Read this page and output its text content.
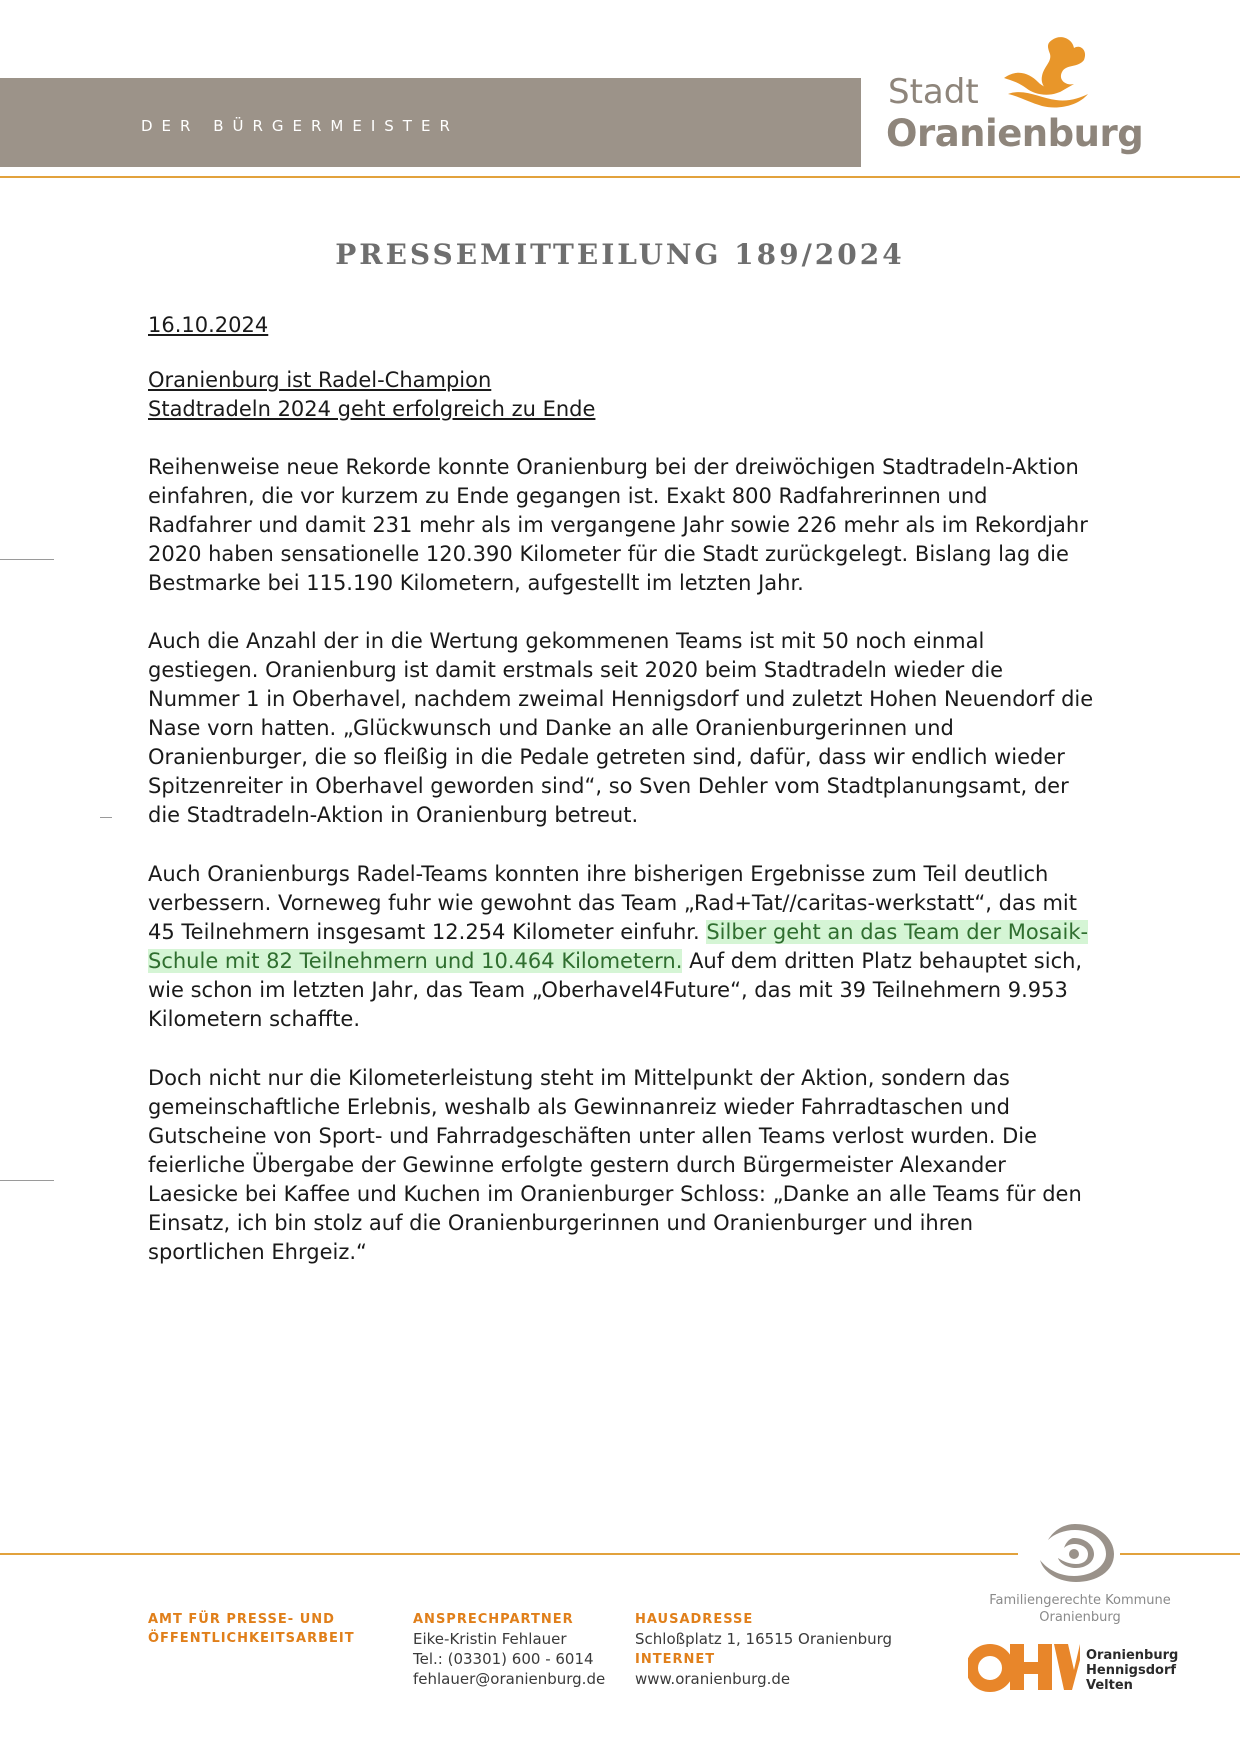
DER BÜRGERMEISTER
Stadt
Oranienburg
PRESSEMITTEILUNG 189/2024
16.10.2024
Oranienburg ist Radel-Champion
Stadtradeln 2024 geht erfolgreich zu Ende
Reihenweise neue Rekorde konnte Oranienburg bei der dreiwöchigen Stadtradeln-Aktion
einfahren, die vor kurzem zu Ende gegangen ist. Exakt 800 Radfahrerinnen und
Radfahrer und damit 231 mehr als im vergangene Jahr sowie 226 mehr als im Rekordjahr
2020 haben sensationelle 120.390 Kilometer für die Stadt zurückgelegt. Bislang lag die
Bestmarke bei 115.190 Kilometern, aufgestellt im letzten Jahr.
Auch die Anzahl der in die Wertung gekommenen Teams ist mit 50 noch einmal
gestiegen. Oranienburg ist damit erstmals seit 2020 beim Stadtradeln wieder die
Nummer 1 in Oberhavel, nachdem zweimal Hennigsdorf und zuletzt Hohen Neuendorf die
Nase vorn hatten. „Glückwunsch und Danke an alle Oranienburgerinnen und
Oranienburger, die so fleißig in die Pedale getreten sind, dafür, dass wir endlich wieder
Spitzenreiter in Oberhavel geworden sind“, so Sven Dehler vom Stadtplanungsamt, der
die Stadtradeln-Aktion in Oranienburg betreut.
Auch Oranienburgs Radel-Teams konnten ihre bisherigen Ergebnisse zum Teil deutlich
verbessern. Vorneweg fuhr wie gewohnt das Team „Rad+Tat//caritas-werkstatt“, das mit
45 Teilnehmern insgesamt 12.254 Kilometer einfuhr. Silber geht an das Team der Mosaik-
Schule mit 82 Teilnehmern und 10.464 Kilometern. Auf dem dritten Platz behauptet sich,
wie schon im letzten Jahr, das Team „Oberhavel4Future“, das mit 39 Teilnehmern 9.953
Kilometern schaffte.
Doch nicht nur die Kilometerleistung steht im Mittelpunkt der Aktion, sondern das
gemeinschaftliche Erlebnis, weshalb als Gewinnanreiz wieder Fahrradtaschen und
Gutscheine von Sport- und Fahrradgeschäften unter allen Teams verlost wurden. Die
feierliche Übergabe der Gewinne erfolgte gestern durch Bürgermeister Alexander
Laesicke bei Kaffee und Kuchen im Oranienburger Schloss: „Danke an alle Teams für den
Einsatz, ich bin stolz auf die Oranienburgerinnen und Oranienburger und ihren
sportlichen Ehrgeiz.“
AMT FÜR PRESSE- UND
ÖFFENTLICHKEITSARBEIT
ANSPRECHPARTNER
Eike-Kristin Fehlauer
Tel.: (03301) 600 - 6014
fehlauer@oranienburg.de
HAUSADRESSE
Schloßplatz 1, 16515 Oranienburg
INTERNET
www.oranienburg.de
Familiengerechte Kommune
Oranienburg
Oranienburg
Hennigsdorf
Velten
